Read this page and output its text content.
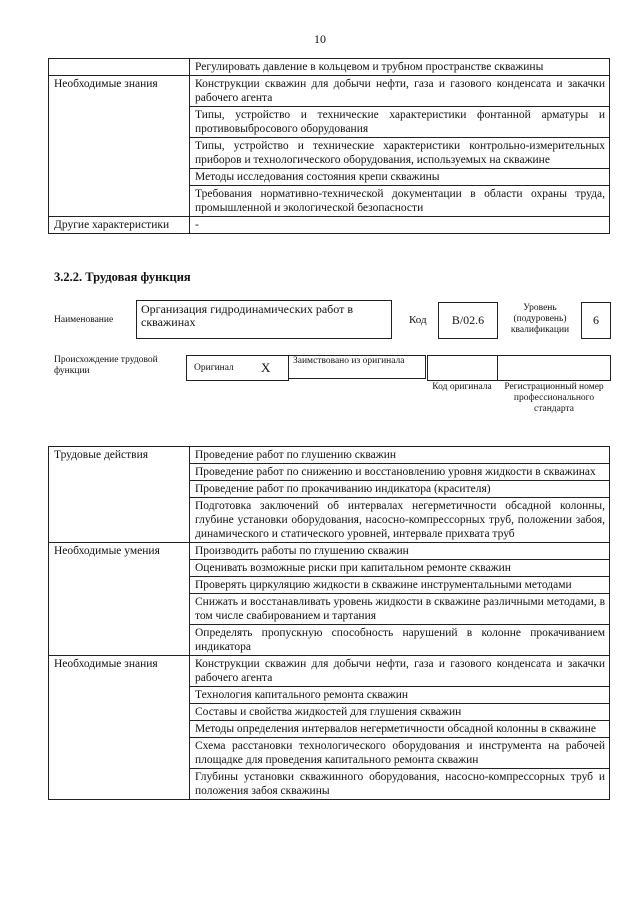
10
	Регулировать давление в кольцевом и трубном пространстве скважины
Необходимые знания	Конструкции скважин для добычи нефти, газа и газового конденсата и закачки рабочего агента
	Типы, устройство и технические характеристики фонтанной арматуры и противовыбросового оборудования
	Типы, устройство и технические характеристики контрольно-измерительных приборов и технологического оборудования, используемых на скважине
	Методы исследования состояния крепи скважины
	Требования нормативно-технической документации в области охраны труда, промышленной и экологической безопасности
Другие характеристики	-
3.2.2. Трудовая функция
Наименование
Организация гидродинамических работ в скважинах	Код	В/02.6
Уровень (подуровень) квалификации
6
Происхождение трудовой функции	Оригинал X	Заимствовано из оригинала
Код оригинала	Регистрационный номер профессионального стандарта
Трудовые действия	Проведение работ по глушению скважин
	Проведение работ по снижению и восстановлению уровня жидкости в скважинах
	Проведение работ по прокачиванию индикатора (красителя)
	Подготовка заключений об интервалах негерметичности обсадной колонны, глубине установки оборудования, насосно-компрессорных труб, положении забоя, динамического и статического уровней, интервале прихвата труб
Необходимые умения	Производить работы по глушению скважин
	Оценивать возможные риски при капитальном ремонте скважин
	Проверять циркуляцию жидкости в скважине инструментальными методами
	Снижать и восстанавливать уровень жидкости в скважине различными методами, в том числе свабированием и тартания
	Определять пропускную способность нарушений в колонне прокачиванием индикатора
Необходимые знания	Конструкции скважин для добычи нефти, газа и газового конденсата и закачки рабочего агента
	Технология капитального ремонта скважин
	Составы и свойства жидкостей для глушения скважин
	Методы определения интервалов негерметичности обсадной колонны в скважине
	Схема расстановки технологического оборудования и инструмента на рабочей площадке для проведения капитального ремонта скважин
	Глубины установки скважинного оборудования, насосно-компрессорных труб и положения забоя скважины
